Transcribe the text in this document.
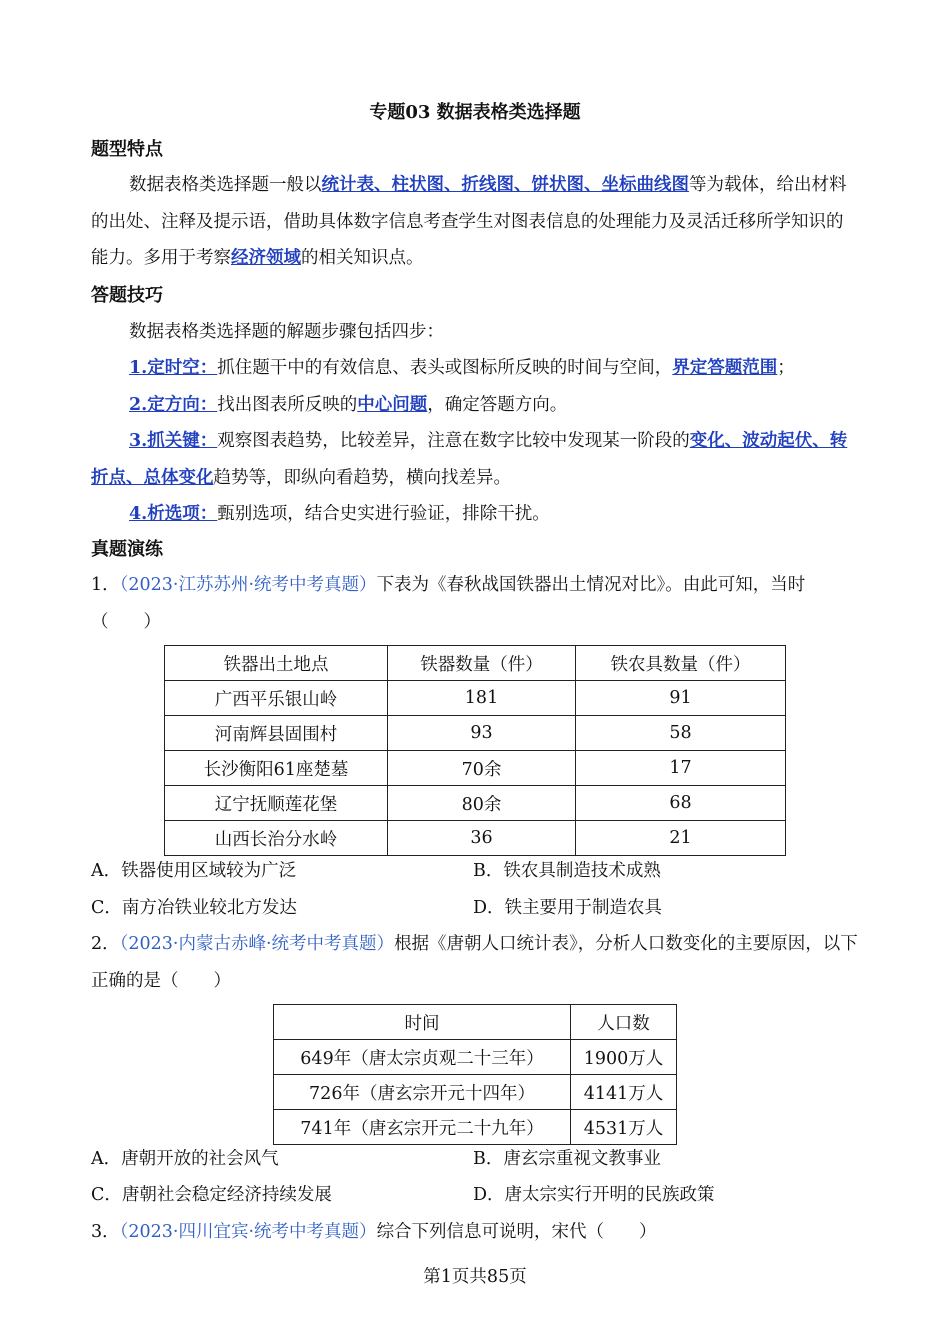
专题03 数据表格类选择题
题型特点
数据表格类选择题一般以统计表、柱状图、折线图、饼状图、坐标曲线图等为载体，给出材料的出处、注释及提示语，借助具体数字信息考查学生对图表信息的处理能力及灵活迁移所学知识的能力。多用于考察经济领域的相关知识点。
答题技巧
数据表格类选择题的解题步骤包括四步：
1.定时空：抓住题干中的有效信息、表头或图标所反映的时间与空间，界定答题范围；
2.定方向：找出图表所反映的中心问题，确定答题方向。
3.抓关键：观察图表趋势，比较差异，注意在数字比较中发现某一阶段的变化、波动起伏、转折点、总体变化趋势等，即纵向看趋势，横向找差异。
4.析选项：甄别选项，结合史实进行验证，排除干扰。
真题演练
1．（2023·江苏苏州·统考中考真题）下表为《春秋战国铁器出土情况对比》。由此可知，当时（　　）
铁器出土地点	铁器数量（件）	铁农具数量（件）
广西平乐银山岭	181	91
河南辉县固围村	93	58
长沙衡阳61座楚墓	70余	17
辽宁抚顺莲花堡	80余	68
山西长治分水岭	36	21
A．铁器使用区域较为广泛	B．铁农具制造技术成熟
C．南方冶铁业较北方发达	D．铁主要用于制造农具
2．（2023·内蒙古赤峰·统考中考真题）根据《唐朝人口统计表》，分析人口数变化的主要原因，以下正确的是（　　）
时间	人口数
649年（唐太宗贞观二十三年）	1900万人
726年（唐玄宗开元十四年）	4141万人
741年（唐玄宗开元二十九年）	4531万人
A．唐朝开放的社会风气	B．唐玄宗重视文教事业
C．唐朝社会稳定经济持续发展	D．唐太宗实行开明的民族政策
3．（2023·四川宜宾·统考中考真题）综合下列信息可说明，宋代（　　）
第1页共85页
